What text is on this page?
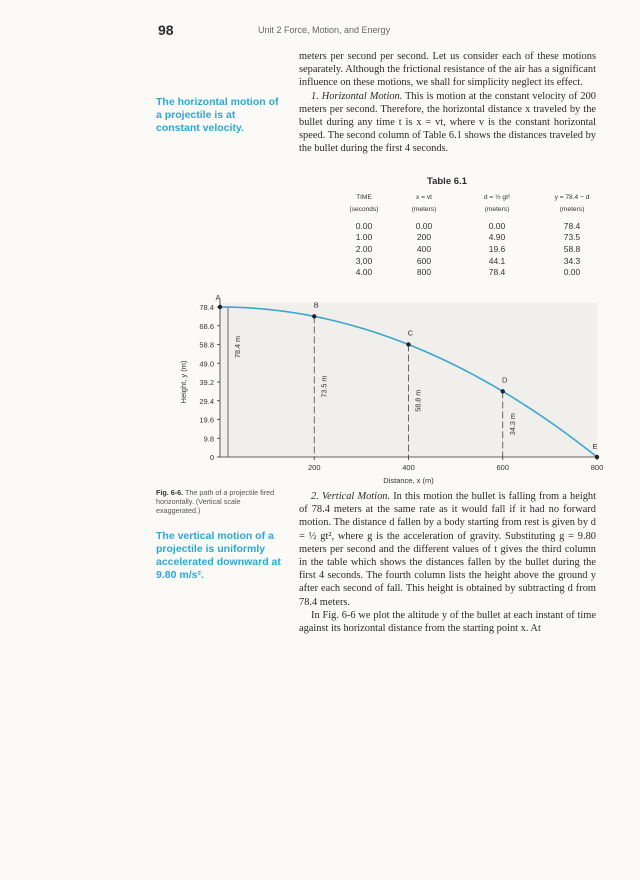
98	Unit 2 Force, Motion, and Energy

meters per second per second. Let us consider each of these motions separately. Although the frictional resistance of the air has a significant influence on these motions, we shall for simplicity neglect its effect.

1. Horizontal Motion. This is motion at the constant velocity of 200 meters per second. Therefore, the horizontal distance x traveled by the bullet during any time t is x = vt, where v is the constant horizontal speed. The second column of Table 6.1 shows the distances traveled by the bullet during the first 4 seconds.

The horizontal motion of a projectile is at constant velocity.
Table 6.1
TIME	x = vt	d = ½ gt²	y = 78.4 − d
(seconds)	(meters)	(meters)	(meters)
0.00	0.00	0.00	78.4
1.00	200	4.90	73.5
2.00	400	19.6	58.8
3,00	600	44.1	34.3
4.00	800	78.4	0.00
78.4
68.6
58.8
49.0
39.2
29.4
19.6
9.8
0
200	400	600	800
Distance, x (m)
Height, y (m)
78.4 m
73.5 m
58.8 m
34.3 m
A
B
C
D
E
Fig. 6-6. The path of a projectile fired horizontally. (Vertical scale exaggerated.)
The vertical motion of a projectile is uniformly accelerated downward at 9.80 m/s².

2. Vertical Motion. In this motion the bullet is falling from a height of 78.4 meters at the same rate as it would fall if it had no forward motion. The distance d fallen by a body starting from rest is given by d = ½ gt², where g is the acceleration of gravity. Substituting g = 9.80 meters per second and the different values of t gives the third column in the table which shows the distances fallen by the bullet during the first 4 seconds. The fourth column lists the height above the ground y after each second of fall. This height is obtained by subtracting d from 78.4 meters.

In Fig. 6-6 we plot the altitude y of the bullet at each instant of time against its horizontal distance from the starting point x. At
